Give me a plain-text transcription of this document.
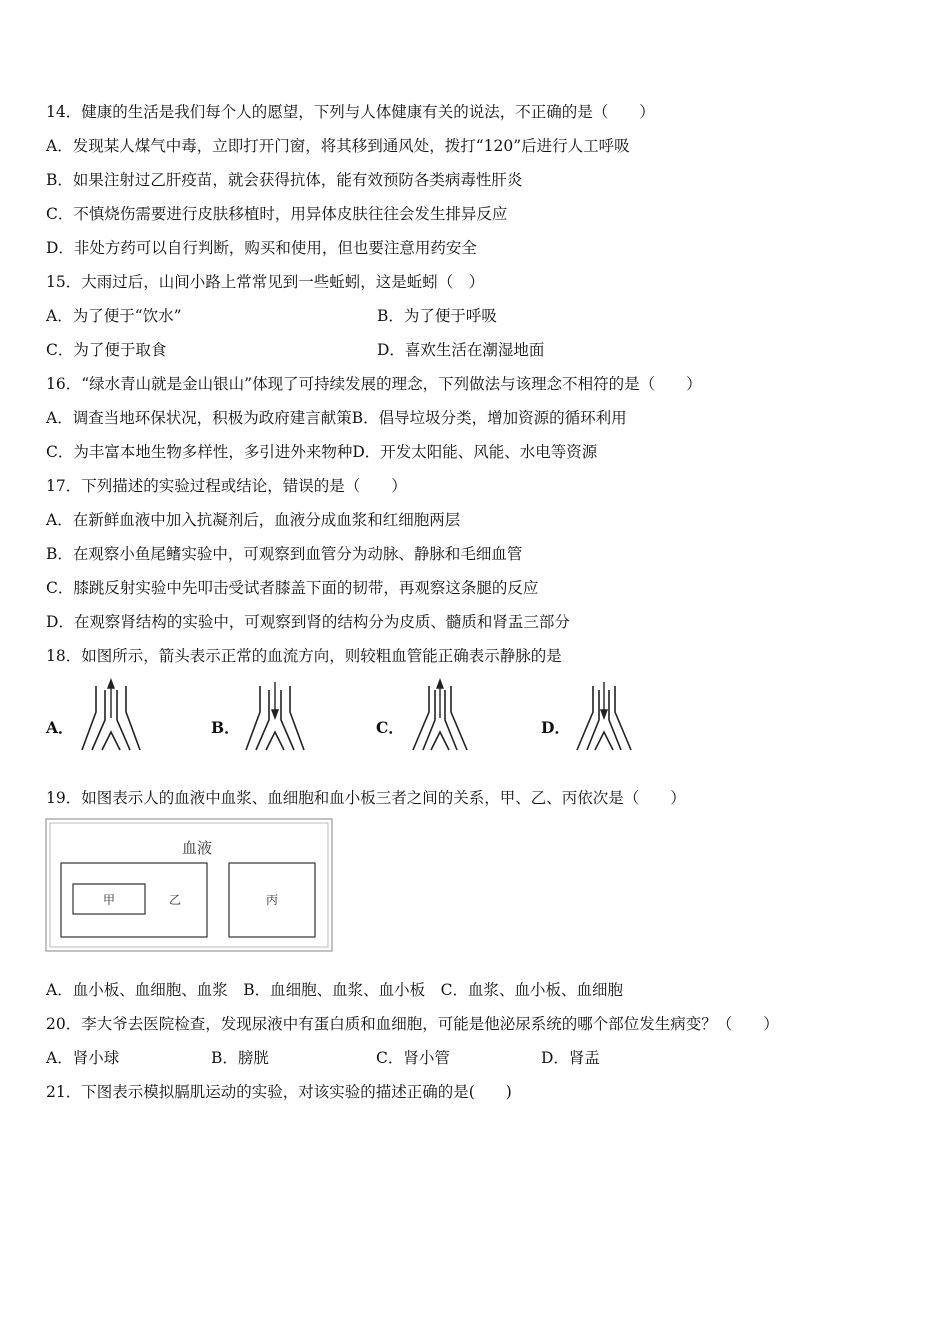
14．健康的生活是我们每个人的愿望，下列与人体健康有关的说法，不正确的是（　　）
A．发现某人煤气中毒，立即打开门窗，将其移到通风处，拨打“120”后进行人工呼吸
B．如果注射过乙肝疫苗，就会获得抗体，能有效预防各类病毒性肝炎
C．不慎烧伤需要进行皮肤移植时，用异体皮肤往往会发生排异反应
D．非处方药可以自行判断，购买和使用，但也要注意用药安全
15．大雨过后，山间小路上常常见到一些蚯蚓，这是蚯蚓（　）
A．为了便于“饮水”	B．为了便于呼吸
C．为了便于取食	D．喜欢生活在潮湿地面
16．“绿水青山就是金山银山”体现了可持续发展的理念，下列做法与该理念不相符的是（　　）
A．调查当地环保状况，积极为政府建言献策B．倡导垃圾分类，增加资源的循环利用
C．为丰富本地生物多样性，多引进外来物种D．开发太阳能、风能、水电等资源
17．下列描述的实验过程或结论，错误的是（　　）
A．在新鲜血液中加入抗凝剂后，血液分成血浆和红细胞两层
B．在观察小鱼尾鳍实验中，可观察到血管分为动脉、静脉和毛细血管
C．膝跳反射实验中先叩击受试者膝盖下面的韧带，再观察这条腿的反应
D．在观察肾结构的实验中，可观察到肾的结构分为皮质、髓质和肾盂三部分
18．如图所示，箭头表示正常的血流方向，则较粗血管能正确表示静脉的是
A．	B．	C．	D．
19．如图表示人的血液中血浆、血细胞和血小板三者之间的关系，甲、乙、丙依次是（　　）
血液
甲	乙	丙
A．血小板、血细胞、血浆　B．血细胞、血浆、血小板　C．血浆、血小板、血细胞
20．李大爷去医院检查，发现尿液中有蛋白质和血细胞，可能是他泌尿系统的哪个部位发生病变？（　　）
A．肾小球	B．膀胱	C．肾小管	D．肾盂
21．下图表示模拟膈肌运动的实验，对该实验的描述正确的是(　　)
